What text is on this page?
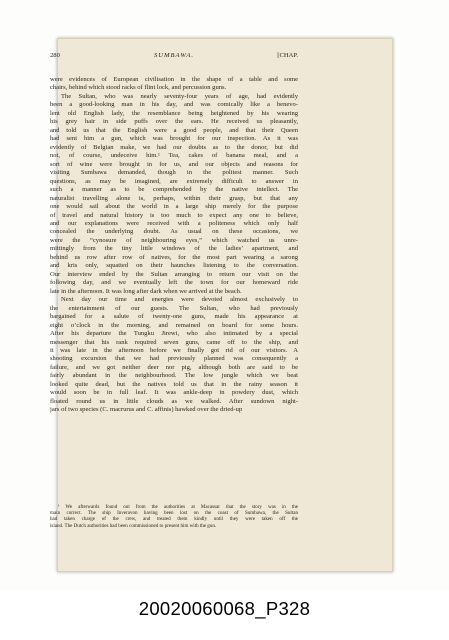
280	SUMBAWA.	[CHAP.
were evidences of European civilisation in the shape of a table and some
chairs, behind which stood racks of flint lock, and percussion guns.
The Sultan, who was nearly seventy-four years of age, had evidently
been a good-looking man in his day, and was comically like a benevo-
lent old English lady, the resemblance being heightened by his wearing
his grey hair in side puffs over the ears. He received us pleasantly,
and told us that the English were a good people, and that their Queen
had sent him a gun, which was brought for our inspection. As it was
evidently of Belgian make, we had our doubts as to the donor, but did
not, of course, undeceive him.¹ Tea, cakes of banana meal, and a
sort of wine were brought in for us, and our objects and reasons for
visiting Sumbawa demanded, though in the politest manner. Such
questions, as may be imagined, are extremely difficult to answer in
such a manner as to be comprehended by the native intellect. The
naturalist travelling alone is, perhaps, within their grasp, but that any
one would sail about the world in a large ship merely for the purpose
of travel and natural history is too much to expect any one to believe,
and our explanations were received with a politeness which only half
concealed the underlying doubt. As usual on these occasions, we
were the “cynosure of neighbouring eyes,” which watched us unre-
mittingly from the tiny little windows of the ladies’ apartment, and
behind us row after row of natives, for the most part wearing a sarong
and kris only, squatted on their haunches listening to the conversation.
Our interview ended by the Sultan arranging to return our visit on the
following day, and we eventually left the town for our homeward ride
late in the afternoon. It was long after dark when we arrived at the beach.
Next day our time and energies were devoted almost exclusively to
the entertainment of our guests. The Sultan, who had previously
bargained for a salute of twenty-one guns, made his appearance at
eight o’clock in the morning, and remained on board for some hours.
After his departure the Tungku Jirewi, who also intimated by a special
messenger that his rank required seven guns, came off to the ship, and
it was late in the afternoon before we finally got rid of our visitors. A
shooting excursion that we had previously planned was consequently a
failure, and we got neither deer nor pig, although both are said to be
fairly abundant in the neighbourhood. The low jungle which we beat
looked quite dead, but the natives told us that in the rainy season it
would soon be in full leaf. It was ankle-deep in powdery dust, which
floated round us in little clouds as we walked. After sundown night-
jars of two species (C. macrurus and C. affinis) hawked over the dried-up
¹ We afterwards found out from the authorities at Macassar that the story was in the
main correct. The ship Inveravon having been lost on the coast of Sumbawa, the Sultan
had taken charge of the crew, and treated them kindly until they were taken off the
island. The Dutch authorities had been commissioned to present him with the gun.
20020060068_P328
